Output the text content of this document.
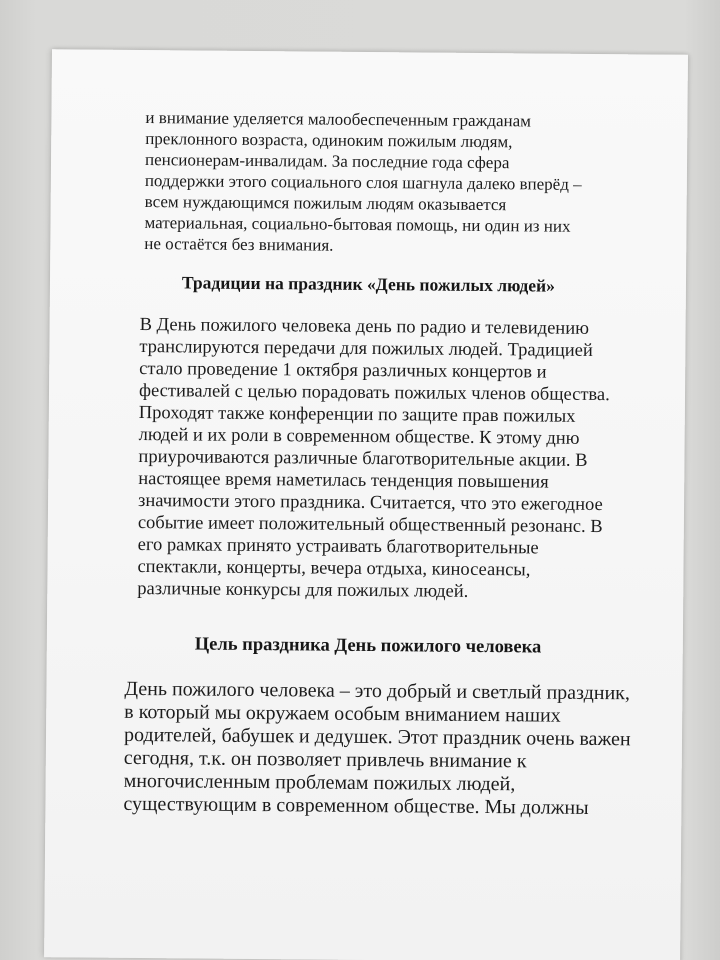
и внимание уделяется малообеспеченным гражданам

преклонного возраста, одиноким пожилым людям,

пенсионерам-инвалидам. За последние года сфера

поддержки этого социального слоя шагнула далеко вперёд –

всем нуждающимся пожилым людям оказывается

материальная, социально-бытовая помощь, ни один из них

не остаётся без внимания.

Традиции на праздник «День пожилых людей»

В День пожилого человека день по радио и телевидению

транслируются передачи для пожилых людей. Традицией

стало проведение 1 октября различных концертов и

фестивалей с целью порадовать пожилых членов общества.

Проходят также конференции по защите прав пожилых

людей и их роли в современном обществе. К этому дню

приурочиваются различные благотворительные акции. В

настоящее время наметилась тенденция повышения

значимости этого праздника. Считается, что это ежегодное

событие имеет положительный общественный резонанс. В

его рамках принято устраивать благотворительные

спектакли, концерты, вечера отдыха, киносеансы,

различные конкурсы для пожилых людей.

Цель праздника День пожилого человека

День пожилого человека – это добрый и светлый праздник,

в который мы окружаем особым вниманием наших

родителей, бабушек и дедушек. Этот праздник очень важен

сегодня, т.к. он позволяет привлечь внимание к

многочисленным проблемам пожилых людей,

существующим в современном обществе. Мы должны
